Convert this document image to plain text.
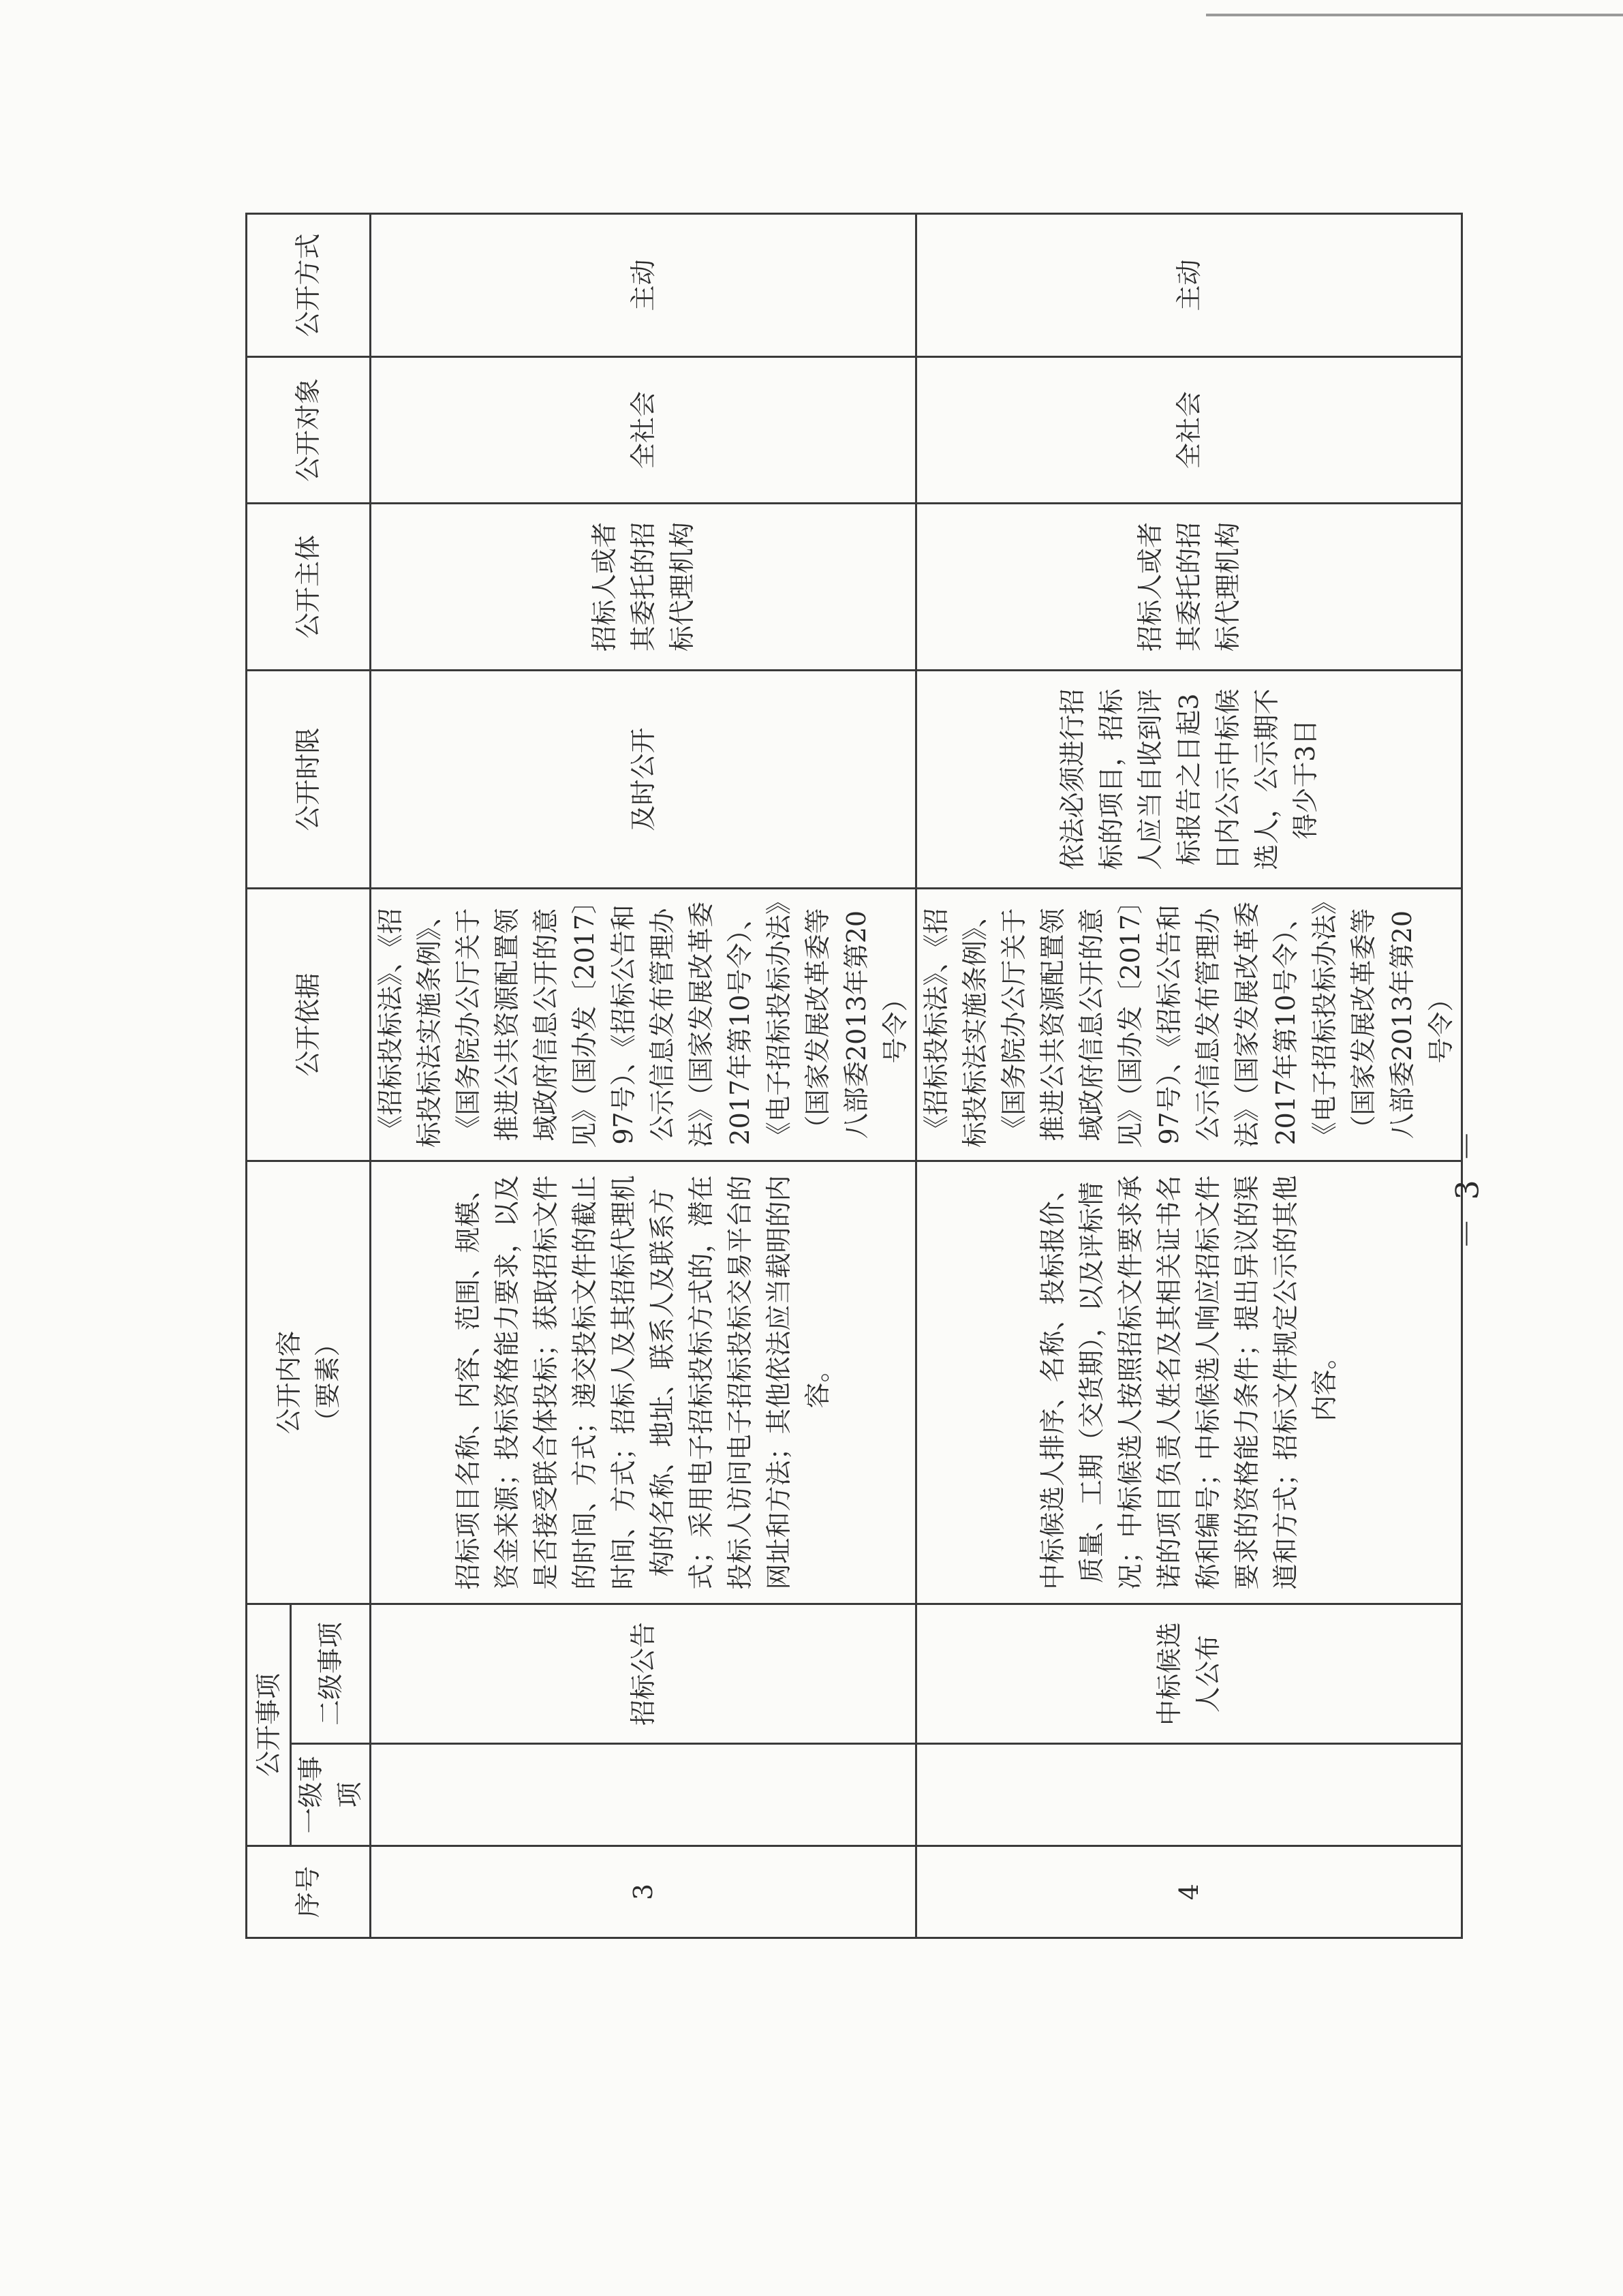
序号	公开事项		公开内容 （要素）	公开依据	公开时限	公开主体	公开对象	公开方式
	一级事项	二级事项						
3		招标公告	招标项目名称、内容、范围、规模、资金来源；投标资格能力要求，以及是否接受联合体投标；获取招标文件的时间、方式；递交投标文件的截止时间、方式；招标人及其招标代理机构的名称、地址、联系人及联系方式；采用电子招标投标方式的，潜在投标人访问电子招标投标交易平台的网址和方法；其他依法应当载明的内容。	《招标投标法》、《招标投标法实施条例》、《国务院办公厅关于推进公共资源配置领域政府信息公开的意见》（国办发〔2017〕97号）、《招标公告和公示信息发布管理办法》（国家发展改革委2017年第10号令）、《电子招标投标办法》（国家发展改革委等八部委2013年第20号令）	及时公开	招标人或者其委托的招标代理机构	全社会	主动
4		中标候选人公布	中标候选人排序、名称、投标报价、质量、工期（交货期），以及评标情况；中标候选人按照招标文件要求承诺的项目负责人姓名及其相关证书名称和编号；中标候选人响应招标文件要求的资格能力条件；提出异议的渠道和方式；招标文件规定公示的其他内容。	《招标投标法》、《招标投标法实施条例》、《国务院办公厅关于推进公共资源配置领域政府信息公开的意见》（国办发〔2017〕97号）、《招标公告和公示信息发布管理办法》（国家发展改革委2017年第10号令）、《电子招标投标办法》（国家发展改革委等八部委2013年第20号令）	依法必须进行招标的项目，招标人应当自收到评标报告之日起3日内公示中标候选人，公示期不得少于3日	招标人或者其委托的招标代理机构	全社会	主动
－ 3 －
